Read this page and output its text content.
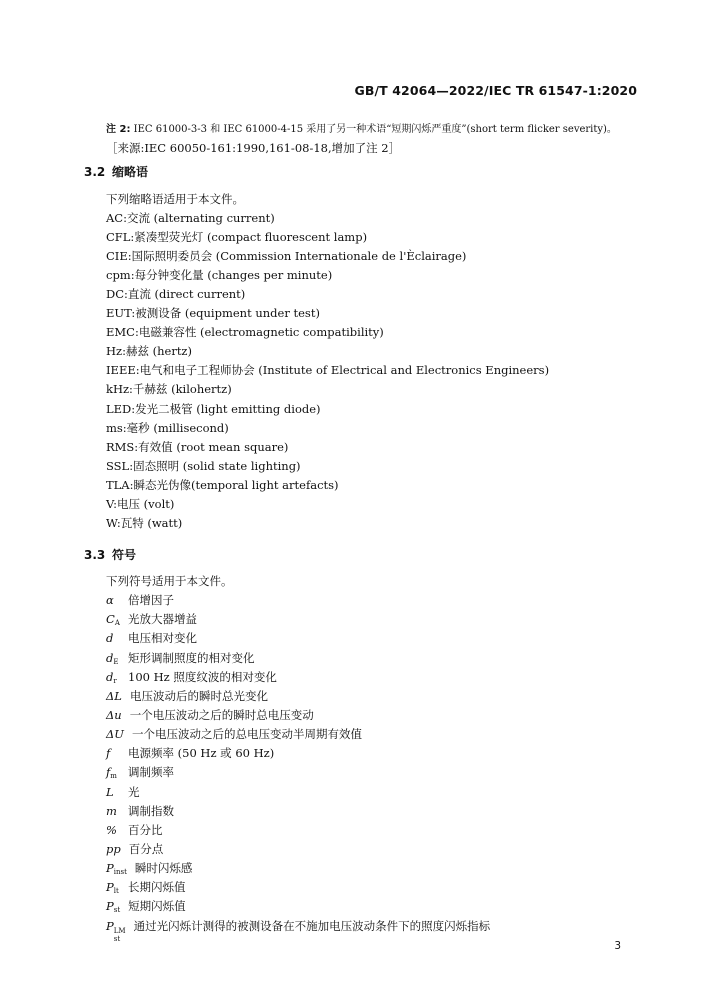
GB/T 42064—2022/IEC TR 61547-1:2020
注 2: IEC 61000-3-3 和 IEC 61000-4-15 采用了另一种术语“短期闪烁严重度”(short term flicker severity)。
［来源:IEC 60050-161:1990,161-08-18,增加了注 2］
3.2 缩略语
下列缩略语适用于本文件。
AC:交流 (alternating current)
CFL:紧凑型荧光灯 (compact fluorescent lamp)
CIE:国际照明委员会 (Commission Internationale de l'Èclairage)
cpm:每分钟变化量 (changes per minute)
DC:直流 (direct current)
EUT:被测设备 (equipment under test)
EMC:电磁兼容性 (electromagnetic compatibility)
Hz:赫兹 (hertz)
IEEE:电气和电子工程师协会 (Institute of Electrical and Electronics Engineers)
kHz:千赫兹 (kilohertz)
LED:发光二极管 (light emitting diode)
ms:毫秒 (millisecond)
RMS:有效值 (root mean square)
SSL:固态照明 (solid state lighting)
TLA:瞬态光伪像(temporal light artefacts)
V:电压 (volt)
W:瓦特 (watt)
3.3 符号
下列符号适用于本文件。
α 倍增因子
$C_A$ 光放大器增益
d 电压相对变化
$d_E$ 矩形调制照度的相对变化
$d_r$ 100 Hz 照度纹波的相对变化
ΔL 电压波动后的瞬时总光变化
Δu 一个电压波动之后的瞬时总电压变动
ΔU 一个电压波动之后的总电压变动半周期有效值
f 电源频率 (50 Hz 或 60 Hz)
$f_m$ 调制频率
L 光
m 调制指数
% 百分比
pp 百分点
$P_{inst}$ 瞬时闪烁感
$P_{lt}$ 长期闪烁值
$P_{st}$ 短期闪烁值
P LM
st
通过光闪烁计测得的被测设备在不施加电压波动条件下的照度闪烁指标
3
